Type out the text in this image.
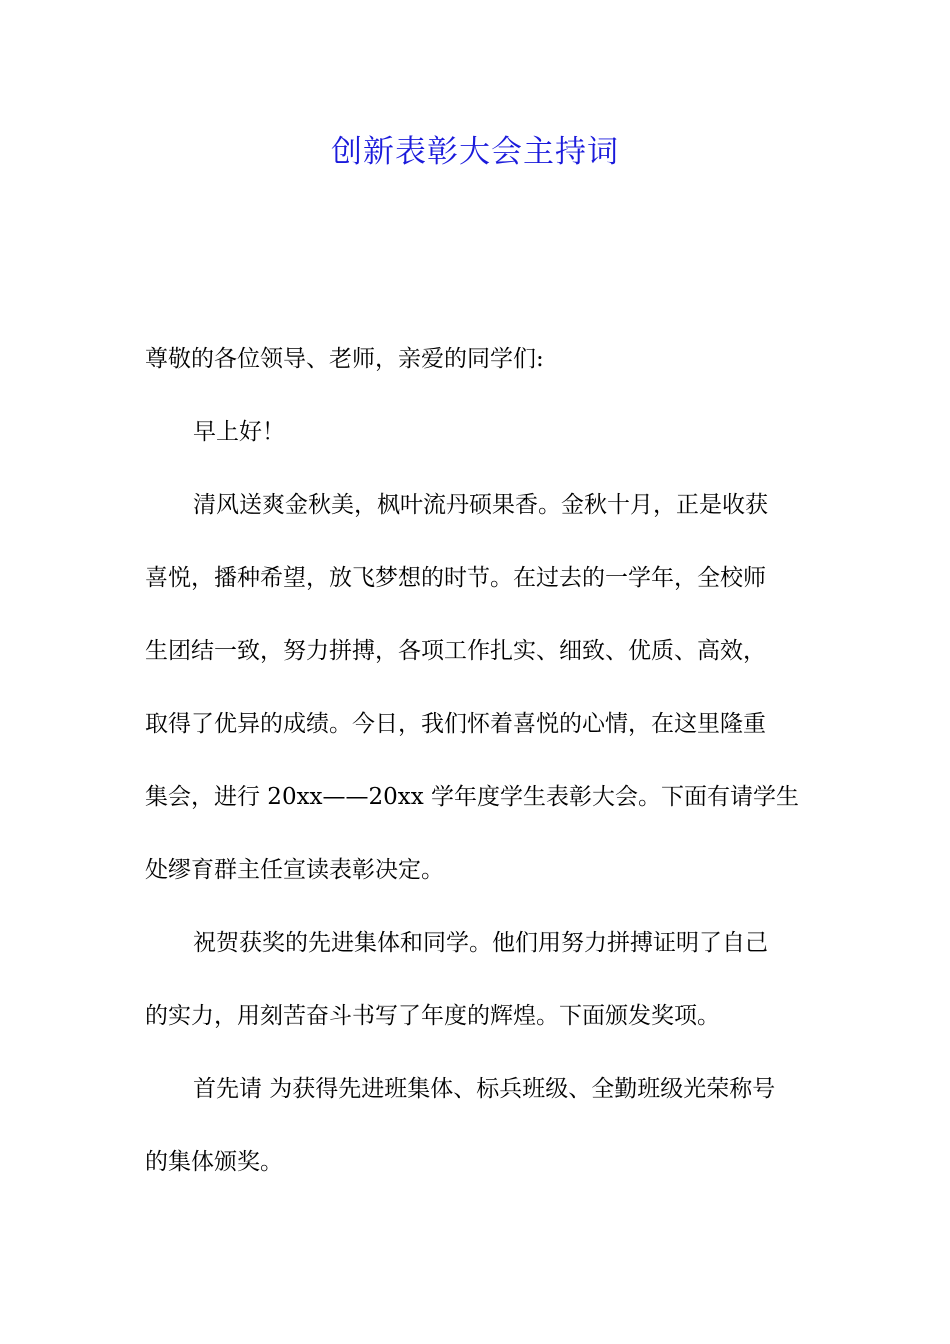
创新表彰大会主持词
尊敬的各位领导、老师，亲爱的同学们:
早上好！
清风送爽金秋美，枫叶流丹硕果香。金秋十月，正是收获
喜悦，播种希望，放飞梦想的时节。在过去的一学年，全校师
生团结一致，努力拼搏，各项工作扎实、细致、优质、高效，
取得了优异的成绩。今日，我们怀着喜悦的心情，在这里隆重
集会，进行 20xx——20xx 学年度学生表彰大会。下面有请学生
处缪育群主任宣读表彰决定。
祝贺获奖的先进集体和同学。他们用努力拼搏证明了自己
的实力，用刻苦奋斗书写了年度的辉煌。下面颁发奖项。
首先请 为获得先进班集体、标兵班级、全勤班级光荣称号
的集体颁奖。
